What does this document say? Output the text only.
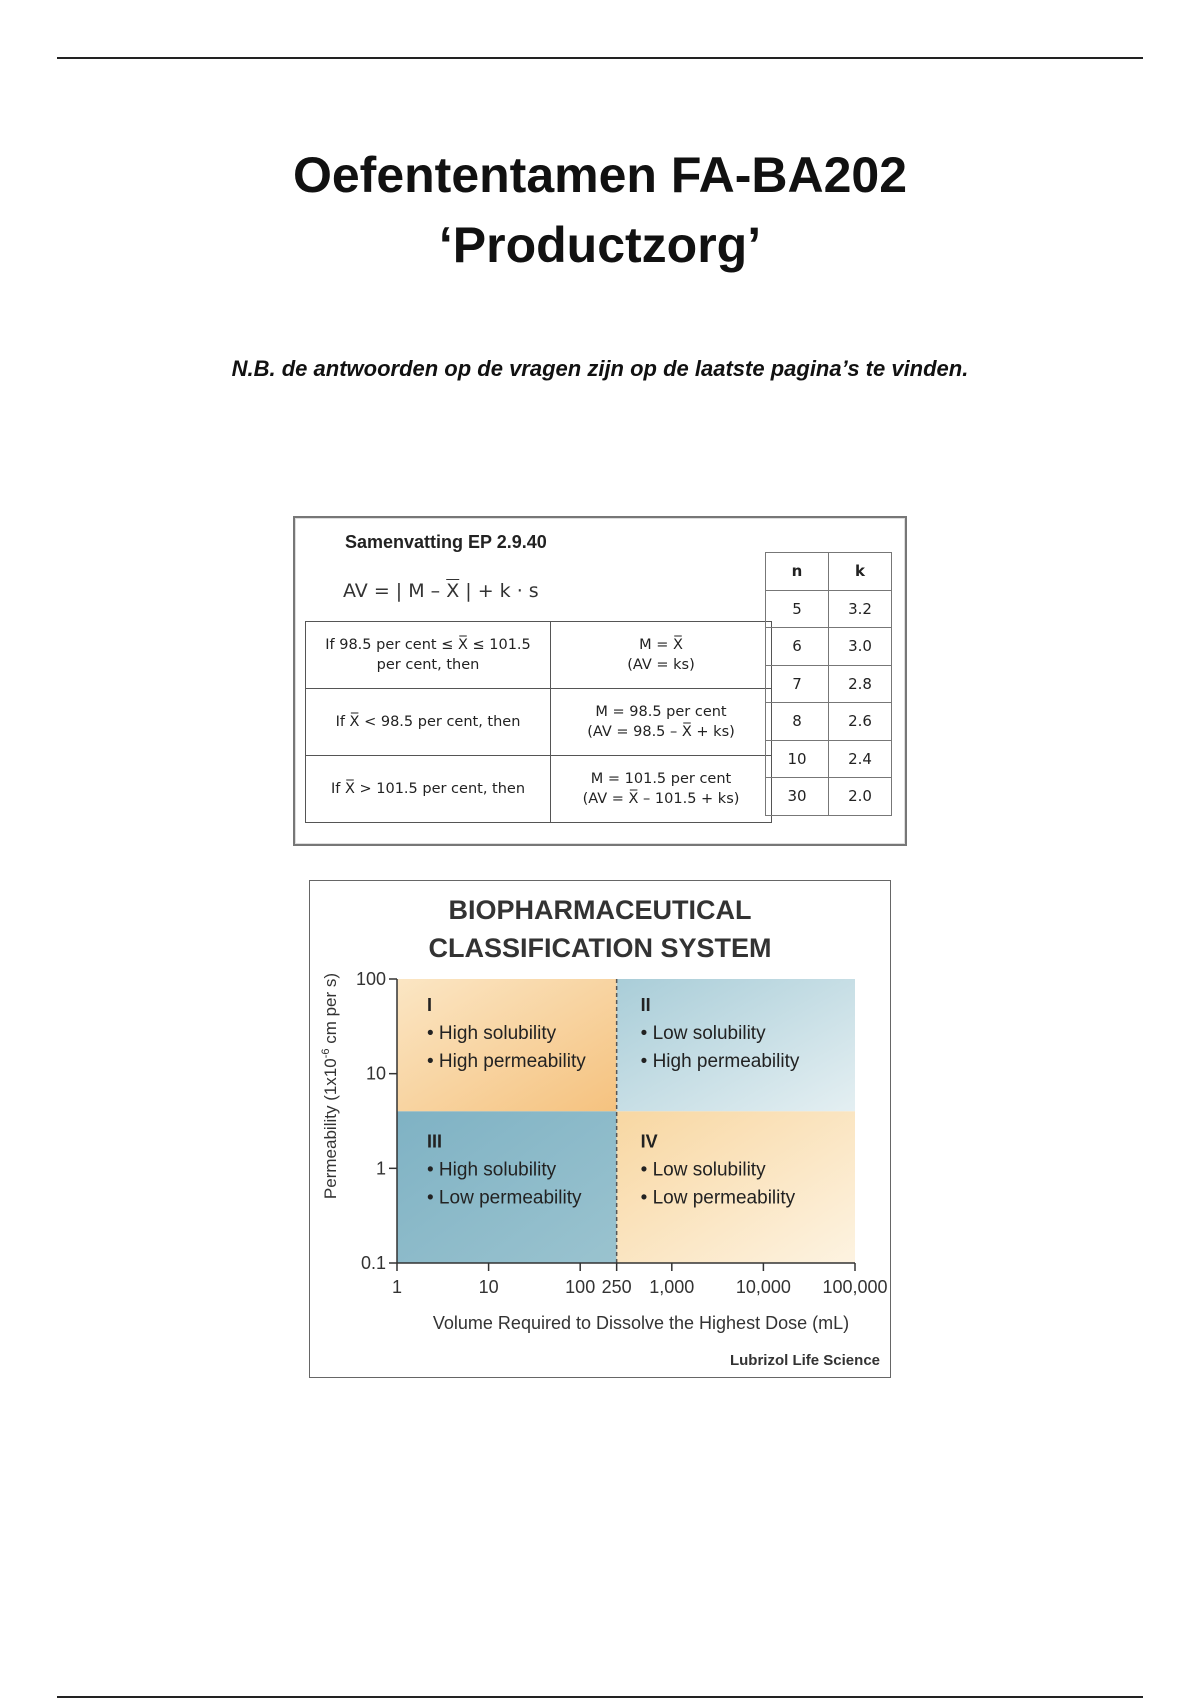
Oefententamen FA-BA202
‘Productzorg’
N.B. de antwoorden op de vragen zijn op de laatste pagina’s te vinden.
Samenvatting EP 2.9.40
AV = | M – $\overline{X}$ | + k · s
If 98.5 per cent ≤ X̅ ≤ 101.5
per cent, then	M = X̅
(AV = ks)
If X̅ < 98.5 per cent, then	M = 98.5 per cent
(AV = 98.5 – X̅ + ks)
If X̅ > 101.5 per cent, then	M = 101.5 per cent
(AV = X̅ – 101.5 + ks)
n	k
5	3.2
6	3.0
7	2.8
8	2.6
10	2.4
30	2.0
BIOPHARMACEUTICAL
CLASSIFICATION SYSTEM
I
• High solubility
• High permeability
II
• Low solubility
• High permeability
III
• High solubility
• Low permeability
IV
• Low solubility
• Low permeability
0.1
1
10
100
1	10	100 250 1,000 10,000 100,000
Permeability ($1x10^{-6}$ cm per s)
Volume Required to Dissolve the Highest Dose (mL)
Lubrizol Life Science
